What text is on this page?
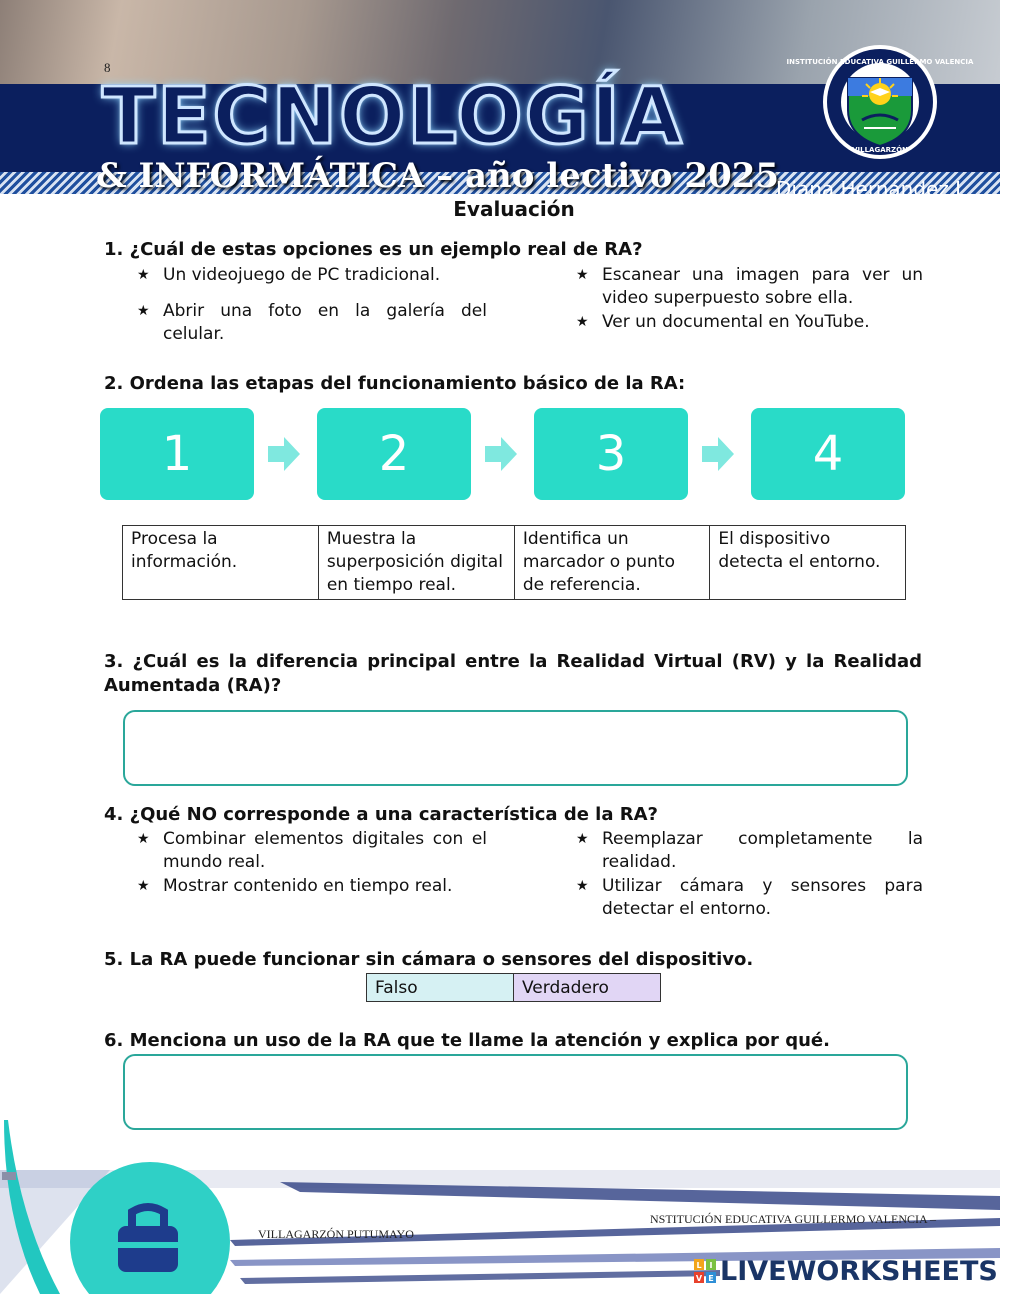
8
TECNOLOGÍA
& INFORMÁTICA – año lectivo 2025
Diana Hernández I
INSTITUCIÓN EDUCATIVA GUILLERMO VALENCIA
VILLAGARZÓN
Evaluación
1. ¿Cuál de estas opciones es un ejemplo real de RA?
★ Un videojuego de PC tradicional.
★ Abrir una foto en la galería del celular.
★ Escanear una imagen para ver un video superpuesto sobre ella.
★ Ver un documental en YouTube.
2. Ordena las etapas del funcionamiento básico de la RA:
1	2	3	4
Procesa la información.	Muestra la superposición digital en tiempo real.	Identifica un marcador o punto de referencia.	El dispositivo detecta el entorno.
3. ¿Cuál es la diferencia principal entre la Realidad Virtual (RV) y la Realidad Aumentada (RA)?
4. ¿Qué NO corresponde a una característica de la RA?
★ Combinar elementos digitales con el mundo real.
★ Mostrar contenido en tiempo real.
★ Reemplazar completamente la realidad.
★ Utilizar cámara y sensores para detectar el entorno.
5. La RA puede funcionar sin cámara o sensores del dispositivo.
Falso	Verdadero
6. Menciona un uso de la RA que te llame la atención y explica por qué.
NSTITUCIÓN EDUCATIVA GUILLERMO VALENCIA –
VILLAGARZÓN PUTUMAYO
L I
V E LIVEWORKSHEETS
